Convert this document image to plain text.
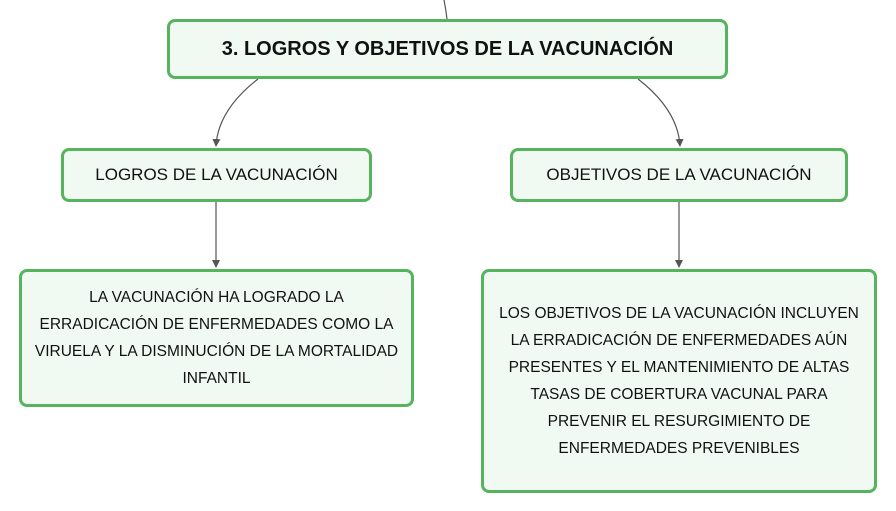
3. LOGROS Y OBJETIVOS DE LA VACUNACIÓN
LOGROS DE LA VACUNACIÓN	OBJETIVOS DE LA VACUNACIÓN
LA VACUNACIÓN HA LOGRADO LA ERRADICACIÓN DE ENFERMEDADES COMO LA VIRUELA Y LA DISMINUCIÓN DE LA MORTALIDAD INFANTIL
LOS OBJETIVOS DE LA VACUNACIÓN INCLUYEN LA ERRADICACIÓN DE ENFERMEDADES AÚN PRESENTES Y EL MANTENIMIENTO DE ALTAS TASAS DE COBERTURA VACUNAL PARA PREVENIR EL RESURGIMIENTO DE ENFERMEDADES PREVENIBLES
